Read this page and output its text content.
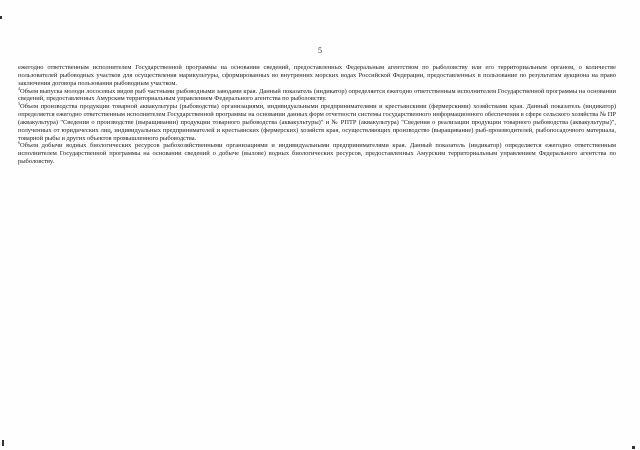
5

ежегодно ответственным исполнителем Государственной программы на основании сведений, предоставленных Федеральным агентством по рыболовству или его территориальным органом, о количестве пользователей рыбоводных участков для осуществления марикультуры, сформированных во внутренних морских водах Российской Федерации, предоставленных в пользование по результатам аукциона на право заключения договора пользования рыбоводным участком.

$^4$Объем выпуска молоди лососевых видов рыб частными рыбоводными заводами края. Данный показатель (индикатор) определяется ежегодно ответственным исполнителем Государственной программы на основании сведений, предоставленных Амурским территориальным управлением Федерального агентства по рыболовству.

$^5$Объем производства продукции товарной аквакультуры (рыбоводства) организациями, индивидуальными предпринимателями и крестьянскими (фермерскими) хозяйствами края. Данный показатель (индикатор) определяется ежегодно ответственным исполнителем Государственной программы на основании данных форм отчетности системы государственного информационного обеспечения в сфере сельского хозяйства № ПР (аквакультура) "Сведения о производстве (выращивании) продукции товарного рыбоводства (аквакультуры)" и № РПТР (аквакультура) "Сведения о реализации продукции товарного рыбоводства (аквакультуры)", полученных от юридических лиц, индивидуальных предпринимателей и крестьянских (фермерских) хозяйств края, осуществляющих производство (выращивание) рыб-производителей, рыбопосадочного материала, товарной рыбы и других объектов промышленного рыбоводства.

$^6$Объем добычи водных биологических ресурсов рыбохозяйственными организациями и индивидуальными предпринимателями края. Данный показатель (индикатор) определяется ежегодно ответственным исполнителем Государственной программы на основании сведений о добыче (вылове) водных биологических ресурсов, предоставленных Амурским территориальным управлением Федерального агентства по рыболовству.
